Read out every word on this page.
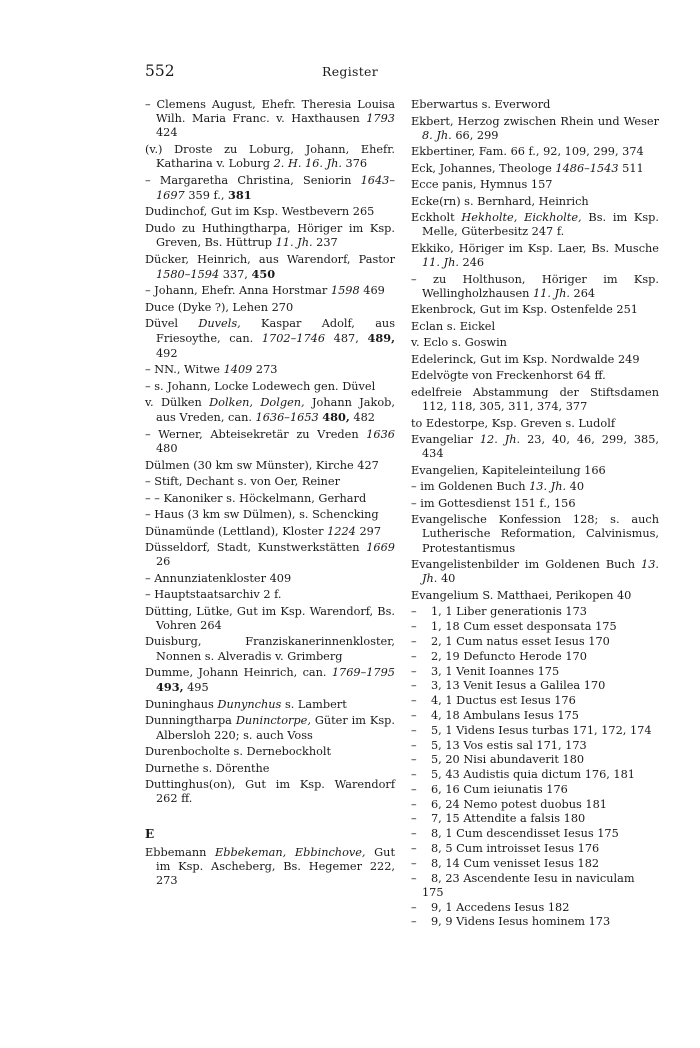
552	Register
– Clemens August, Ehefr. Theresia Louisa Wilh. Maria Franc. v. Haxthausen 1793 424
(v.) Droste zu Loburg, Johann, Ehefr. Katharina v. Loburg 2. H. 16. Jh. 376
– Margaretha Christina, Seniorin 1643–1697 359 f., 381
Dudinchof, Gut im Ksp. Westbevern 265
Dudo zu Huthingtharpa, Höriger im Ksp. Greven, Bs. Hüttrup 11. Jh. 237
Dücker, Heinrich, aus Warendorf, Pastor 1580–1594 337, 450
– Johann, Ehefr. Anna Horstmar 1598 469
Duce (Dyke ?), Lehen 270
Düvel Duvels, Kaspar Adolf, aus Friesoythe, can. 1702–1746 487, 489, 492
– NN., Witwe 1409 273
– s. Johann, Locke Lodewech gen. Düvel
v. Dülken Dolken, Dolgen, Johann Jakob, aus Vreden, can. 1636–1653 480, 482
– Werner, Abteisekretär zu Vreden 1636 480
Dülmen (30 km sw Münster), Kirche 427
– Stift, Dechant s. von Oer, Reiner
– – Kanoniker s. Höckelmann, Gerhard
– Haus (3 km sw Dülmen), s. Schencking
Dünamünde (Lettland), Kloster 1224 297
Düsseldorf, Stadt, Kunstwerkstätten 1669 26
– Annunziatenkloster 409
– Hauptstaatsarchiv 2 f.
Dütting, Lütke, Gut im Ksp. Warendorf, Bs. Vohren 264
Duisburg, Franziskanerinnenkloster, Nonnen s. Alveradis v. Grimberg
Dumme, Johann Heinrich, can. 1769–1795 493, 495
Duninghaus Dunynchus s. Lambert
Dunningtharpa Duninctorpe, Güter im Ksp. Albersloh 220; s. auch Voss
Durenbocholte s. Dernebockholt
Durnethe s. Dörenthe
Duttinghus(on), Gut im Ksp. Warendorf 262 ff.
E
Ebbemann Ebbekeman, Ebbinchove, Gut im Ksp. Ascheberg, Bs. Hegemer 222, 273
Eberwartus s. Everword
Ekbert, Herzog zwischen Rhein und Weser 8. Jh. 66, 299
Ekbertiner, Fam. 66 f., 92, 109, 299, 374
Eck, Johannes, Theologe 1486–1543 511
Ecce panis, Hymnus 157
Ecke(rn) s. Bernhard, Heinrich
Eckholt Hekholte, Eickholte, Bs. im Ksp. Melle, Güterbesitz 247 f.
Ekkiko, Höriger im Ksp. Laer, Bs. Musche 11. Jh. 246
– zu Holthuson, Höriger im Ksp. Wellingholzhausen 11. Jh. 264
Ekenbrock, Gut im Ksp. Ostenfelde 251
Eclan s. Eickel
v. Eclo s. Goswin
Edelerinck, Gut im Ksp. Nordwalde 249
Edelvögte von Freckenhorst 64 ff.
edelfreie Abstammung der Stiftsdamen 112, 118, 305, 311, 374, 377
to Edestorpe, Ksp. Greven s. Ludolf
Evangeliar 12. Jh. 23, 40, 46, 299, 385, 434
Evangelien, Kapiteleinteilung 166
– im Goldenen Buch 13. Jh. 40
– im Gottesdienst 151 f., 156
Evangelische Konfession 128; s. auch Lutherische Reformation, Calvinismus, Protestantismus
Evangelistenbilder im Goldenen Buch 13. Jh. 40
Evangelium S. Matthaei, Perikopen 40
– 1, 1 Liber generationis 173
– 1, 18 Cum esset desponsata 175
– 2, 1 Cum natus esset Iesus 170
– 2, 19 Defuncto Herode 170
– 3, 1 Venit Ioannes 175
– 3, 13 Venit Iesus a Galilea 170
– 4, 1 Ductus est Iesus 176
– 4, 18 Ambulans Iesus 175
– 5, 1 Videns Iesus turbas 171, 172, 174
– 5, 13 Vos estis sal 171, 173
– 5, 20 Nisi abundaverit 180
– 5, 43 Audistis quia dictum 176, 181
– 6, 16 Cum ieiunatis 176
– 6, 24 Nemo potest duobus 181
– 7, 15 Attendite a falsis 180
– 8, 1 Cum descendisset Iesus 175
– 8, 5 Cum introisset Iesus 176
– 8, 14 Cum venisset Iesus 182
– 8, 23 Ascendente Iesu in naviculam 175
– 9, 1 Accedens Iesus 182
– 9, 9 Videns Iesus hominem 173
